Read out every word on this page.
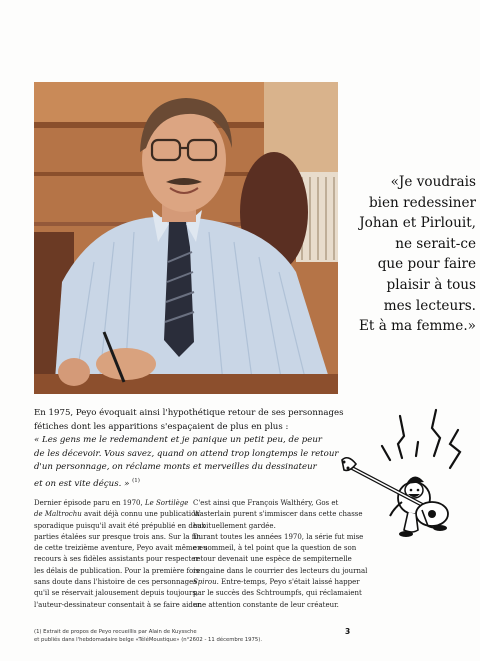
«Je voudrais
bien redessiner
Johan et Pirlouit,
ne serait-ce
que pour faire
plaisir à tous
mes lecteurs.
Et à ma femme.»
En 1975, Peyo évoquait ainsi l'hypothétique retour de ses personnages
fétiches dont les apparitions s'espaçaient de plus en plus :
« Les gens me le redemandent et je panique un petit peu, de peur
de les décevoir. Vous savez, quand on attend trop longtemps le retour
d'un personnage, on réclame monts et merveilles du dessinateur
et on est vite déçus. » $^{(1)}$
Dernier épisode paru en 1970, Le Sortilège
de Maltrochu avait déjà connu une publication
sporadique puisqu'il avait été prépublié en deux
parties étalées sur presque trois ans. Sur la fin
de cette treizième aventure, Peyo avait même eu
recours à ses fidèles assistants pour respecter
les délais de publication. Pour la première fois
sans doute dans l'histoire de ces personnages
qu'il se réservait jalousement depuis toujours,
l'auteur-dessinateur consentait à se faire aider.
C'est ainsi que François Walthéry, Gos et
Wasterlain purent s'immiscer dans cette chasse
habituellement gardée.
Durant toutes les années 1970, la série fut mise
en sommeil, à tel point que la question de son
retour devenait une espèce de sempiternelle
rengaine dans le courrier des lecteurs du journal
Spirou. Entre-temps, Peyo s'était laissé happer
par le succès des Schtroumpfs, qui réclamaient
une attention constante de leur créateur.
(1) Extrait de propos de Peyo recueillis par Alain de Kuyssche
et publiés dans l'hebdomadaire belge «TéléMoustique» (n°2602 - 11 décembre 1975).
3
